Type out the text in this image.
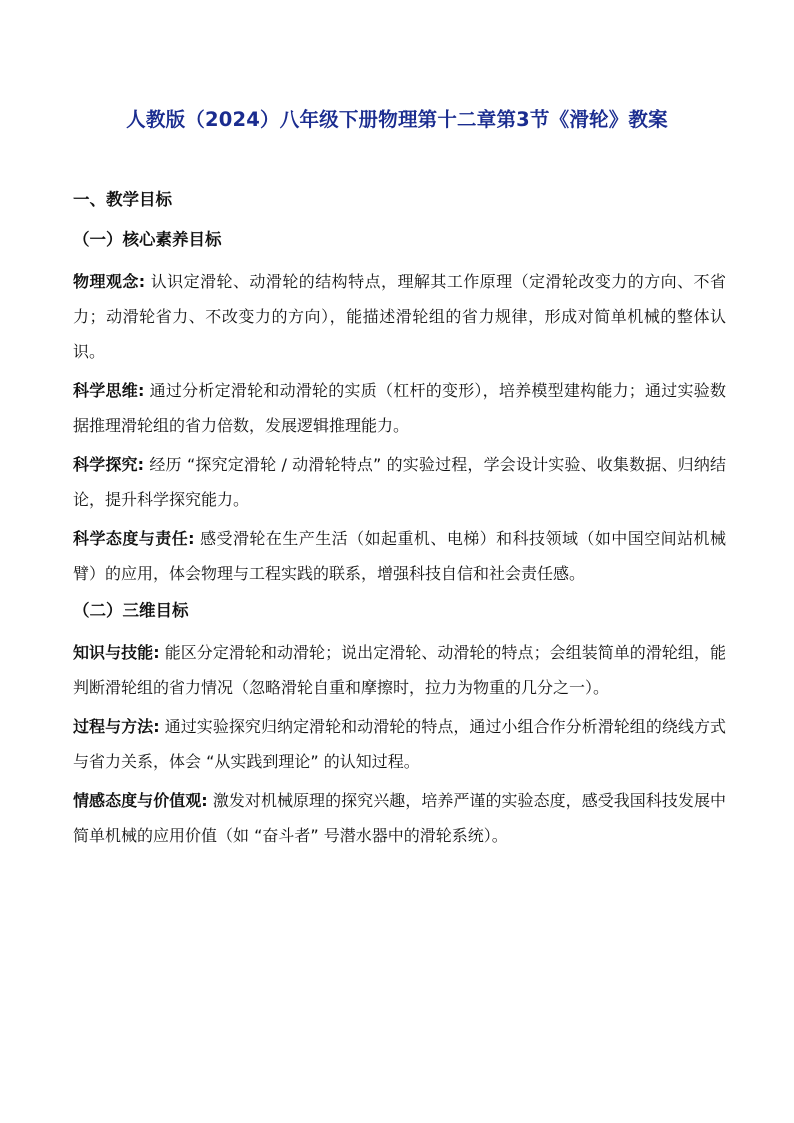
人教版（2024）八年级下册物理第十二章第3节《滑轮》教案
一、教学目标
（一）核心素养目标

物理观念: 认识定滑轮、动滑轮的结构特点，理解其工作原理（定滑轮改变力的方向、不省力；动滑轮省力、不改变力的方向），能描述滑轮组的省力规律，形成对简单机械的整体认识。

科学思维: 通过分析定滑轮和动滑轮的实质（杠杆的变形），培养模型建构能力；通过实验数据推理滑轮组的省力倍数，发展逻辑推理能力。

科学探究: 经历 “探究定滑轮 / 动滑轮特点” 的实验过程，学会设计实验、收集数据、归纳结论，提升科学探究能力。

科学态度与责任: 感受滑轮在生产生活（如起重机、电梯）和科技领域（如中国空间站机械臂）的应用，体会物理与工程实践的联系，增强科技自信和社会责任感。

（二）三维目标

知识与技能: 能区分定滑轮和动滑轮；说出定滑轮、动滑轮的特点；会组装简单的滑轮组，能判断滑轮组的省力情况（忽略滑轮自重和摩擦时，拉力为物重的几分之一）。

过程与方法: 通过实验探究归纳定滑轮和动滑轮的特点，通过小组合作分析滑轮组的绕线方式与省力关系，体会 “从实践到理论” 的认知过程。

情感态度与价值观: 激发对机械原理的探究兴趣，培养严谨的实验态度，感受我国科技发展中简单机械的应用价值（如 “奋斗者” 号潜水器中的滑轮系统）。
